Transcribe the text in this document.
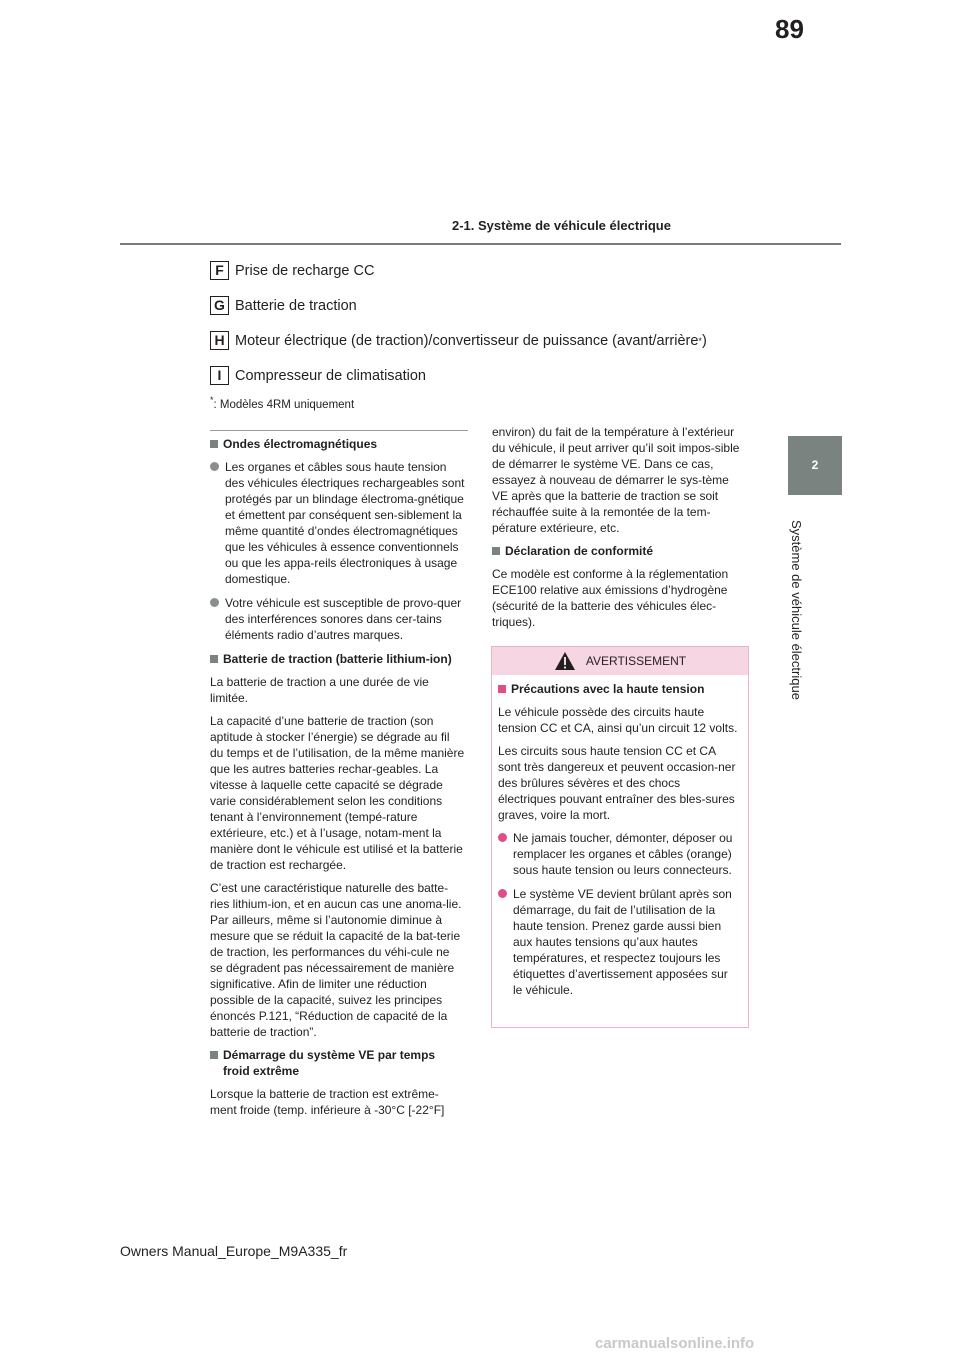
89
2-1. Système de véhicule électrique
2
Système de véhicule électrique
F Prise de recharge CC
G Batterie de traction
H Moteur électrique (de traction)/convertisseur de puissance (avant/arrière * )
I Compresseur de climatisation
*: Modèles 4RM uniquement

Ondes électromagnétiques

Les organes et câbles sous haute tension des véhicules électriques rechargeables sont protégés par un blindage électroma-gnétique et émettent par conséquent sen-siblement la même quantité d’ondes électromagnétiques que les véhicules à essence conventionnels ou que les appa-reils électroniques à usage domestique.
Votre véhicule est susceptible de provo-quer des interférences sonores dans cer-tains éléments radio d’autres marques.

Batterie de traction (batterie lithium-ion)

La batterie de traction a une durée de vie limitée.

La capacité d’une batterie de traction (son aptitude à stocker l’énergie) se dégrade au fil du temps et de l’utilisation, de la même manière que les autres batteries rechar-geables. La vitesse à laquelle cette capacité se dégrade varie considérablement selon les conditions tenant à l’environnement (tempé-rature extérieure, etc.) et à l’usage, notam-ment la manière dont le véhicule est utilisé et la batterie de traction est rechargée.

C’est une caractéristique naturelle des batte-ries lithium-ion, et en aucun cas une anoma-lie. Par ailleurs, même si l’autonomie diminue à mesure que se réduit la capacité de la bat-terie de traction, les performances du véhi-cule ne se dégradent pas nécessairement de manière significative. Afin de limiter une réduction possible de la capacité, suivez les principes énoncés P.121, “Réduction de capacité de la batterie de traction”.

Démarrage du système VE par temps froid extrême

Lorsque la batterie de traction est extrême-ment froide (temp. inférieure à -30°C [-22°F]

environ) du fait de la température à l’extérieur du véhicule, il peut arriver qu’il soit impos-sible de démarrer le système VE. Dans ce cas, essayez à nouveau de démarrer le sys-tème VE après que la batterie de traction se soit réchauffée suite à la remontée de la tem-pérature extérieure, etc.

Déclaration de conformité

Ce modèle est conforme à la réglementation ECE100 relative aux émissions d’hydrogène (sécurité de la batterie des véhicules élec-triques).

AVERTISSEMENT

Précautions avec la haute tension

Le véhicule possède des circuits haute tension CC et CA, ainsi qu’un circuit 12 volts.

Les circuits sous haute tension CC et CA sont très dangereux et peuvent occasion-ner des brûlures sévères et des chocs électriques pouvant entraîner des bles-sures graves, voire la mort.

Ne jamais toucher, démonter, déposer ou remplacer les organes et câbles (orange) sous haute tension ou leurs connecteurs.
Le système VE devient brûlant après son démarrage, du fait de l’utilisation de la haute tension. Prenez garde aussi bien aux hautes tensions qu’aux hautes températures, et respectez toujours les étiquettes d’avertissement apposées sur le véhicule.
Owners Manual_Europe_M9A335_fr
carmanualsonline.info
